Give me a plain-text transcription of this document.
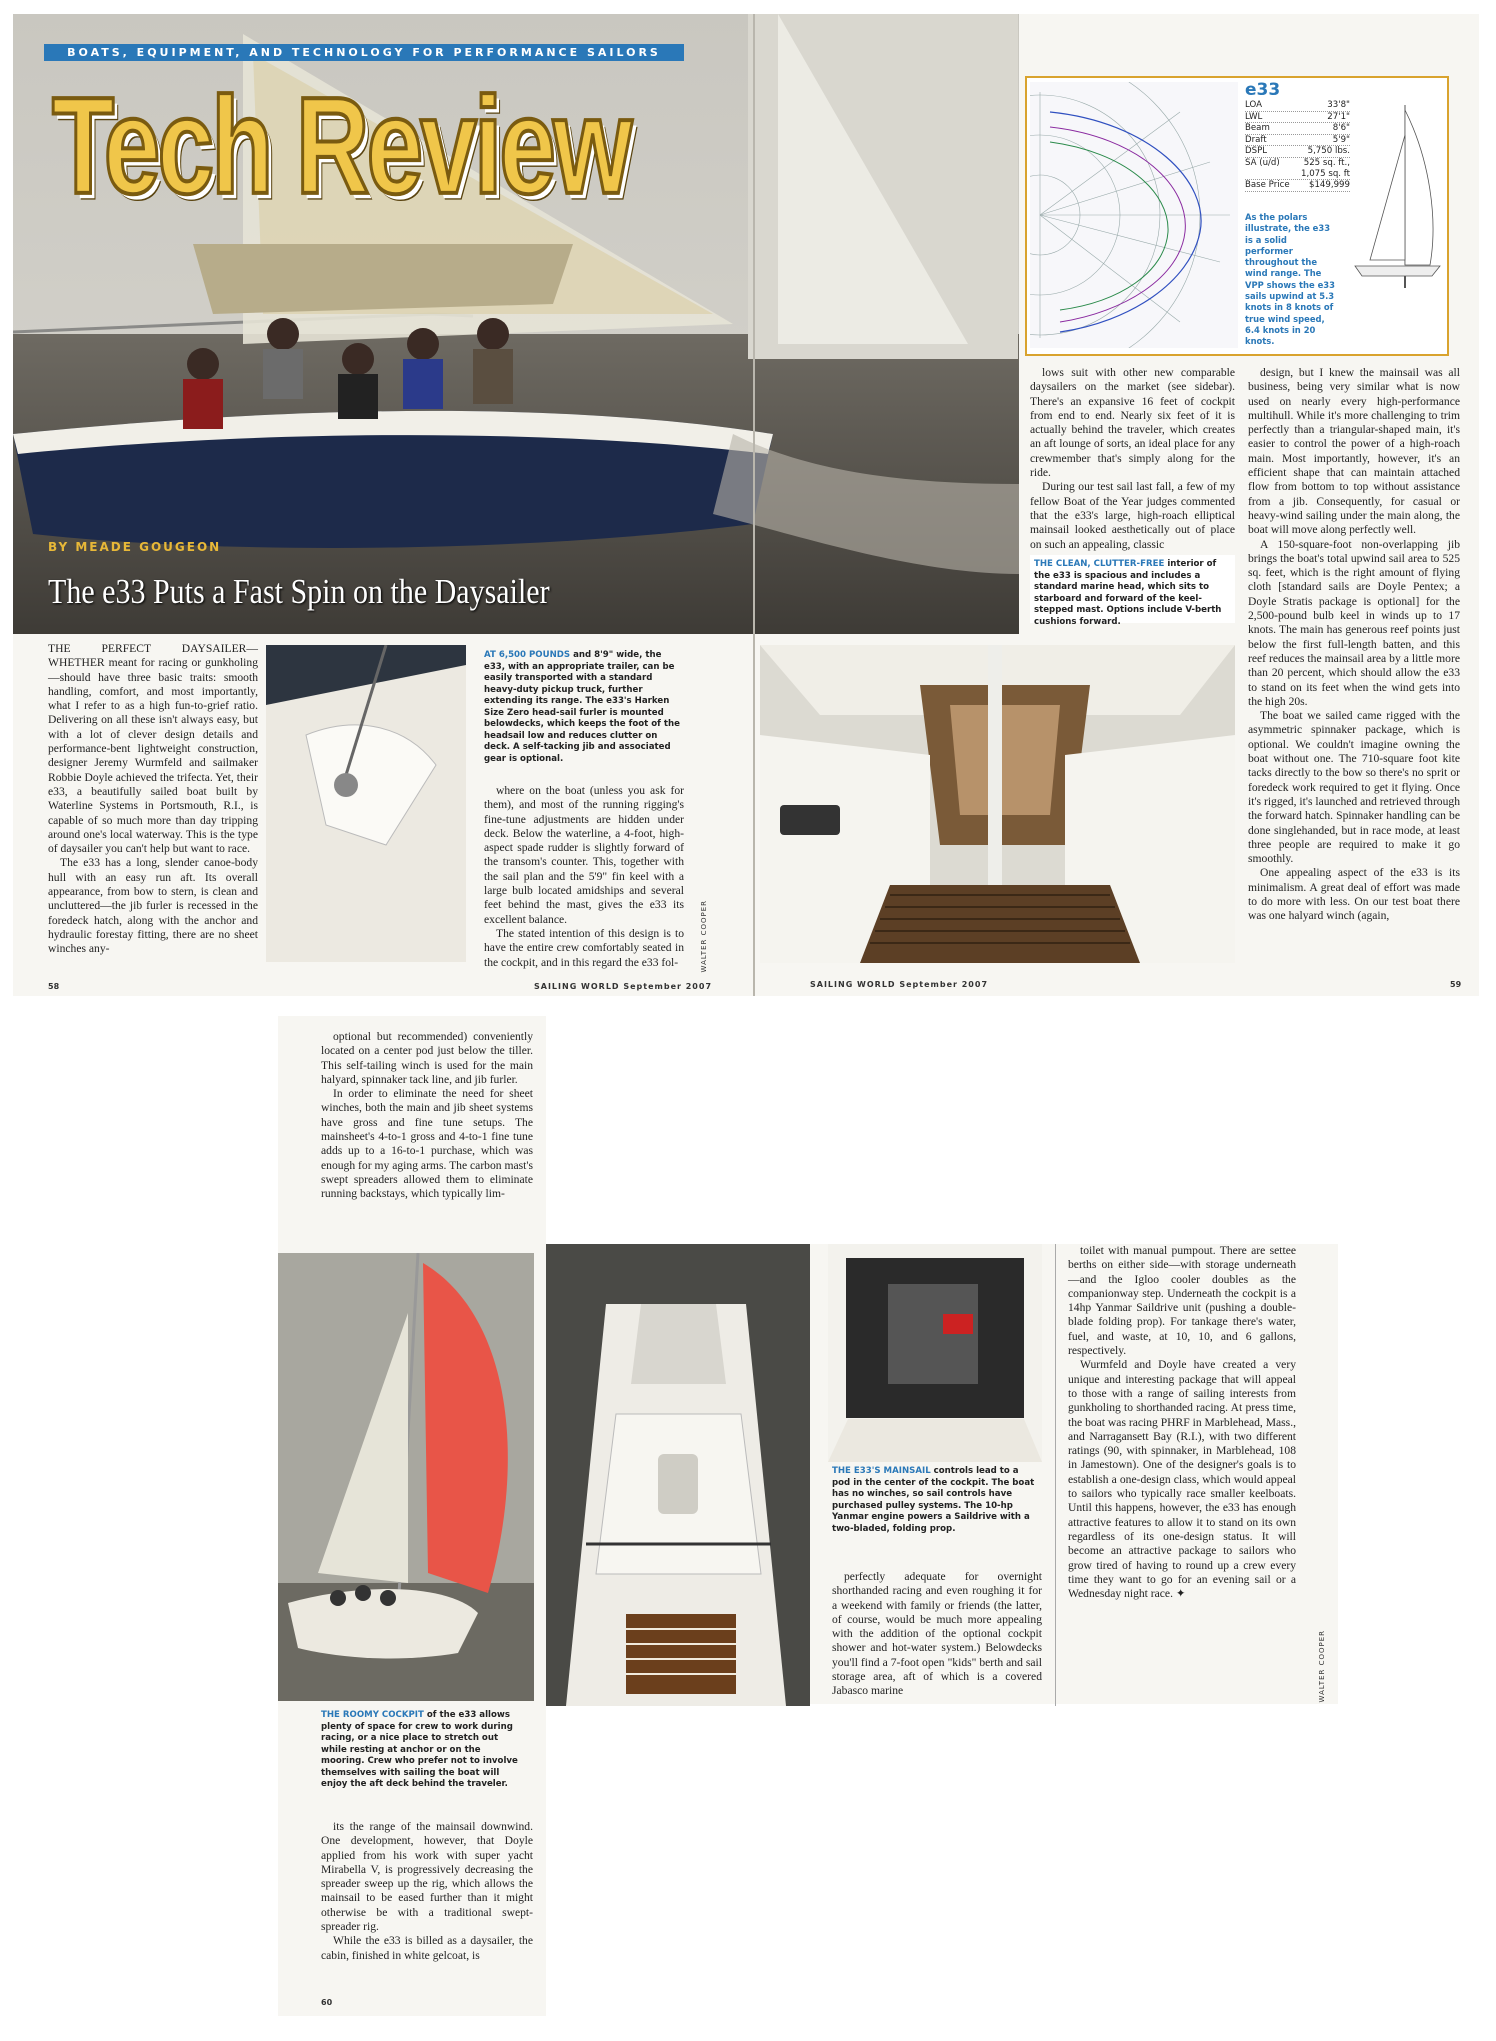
BOATS, EQUIPMENT, AND TECHNOLOGY FOR PERFORMANCE SAILORS
Tech Review
BY MEADE GOUGEON
The e33 Puts a Fast Spin on the Daysailer
e33
LOA	33'8"
LWL	27'1"
Beam	8'6"
Draft	5'9"
DSPL	5,750 lbs.
SA (u/d)	525 sq. ft., 1,075 sq. ft
Base Price $149,999
As the polars illustrate, the e33 is a solid performer throughout the wind range. The VPP shows the e33 sails upwind at 5.3 knots in 8 knots of true wind speed, 6.4 knots in 20 knots.

THE PERFECT DAYSAILER—WHETHER meant for racing or gunkholing—should have three basic traits: smooth handling, comfort, and most importantly, what I refer to as a high fun-to-grief ratio. Delivering on all these isn't always easy, but with a lot of clever design details and performance-bent lightweight construction, designer Jeremy Wurmfeld and sailmaker Robbie Doyle achieved the trifecta. Yet, their e33, a beautifully sailed boat built by Waterline Systems in Portsmouth, R.I., is capable of so much more than day tripping around one's local waterway. This is the type of daysailer you can't help but want to race.

The e33 has a long, slender canoe-body hull with an easy run aft. Its overall appearance, from bow to stern, is clean and uncluttered—the jib furler is recessed in the foredeck hatch, along with the anchor and hydraulic forestay fitting, there are no sheet winches any-

AT 6,500 POUNDS and 8'9" wide, the e33, with an appropriate trailer, can be easily transported with a standard heavy-duty pickup truck, further extending its range. The e33's Harken Size Zero head-sail furler is mounted belowdecks, which keeps the foot of the headsail low and reduces clutter on deck. A self-tacking jib and associated gear is optional.

where on the boat (unless you ask for them), and most of the running rigging's fine-tune adjustments are hidden under deck. Below the waterline, a 4-foot, high-aspect spade rudder is slightly forward of the transom's counter. This, together with the sail plan and the 5'9" fin keel with a large bulb located amidships and several feet behind the mast, gives the e33 its excellent balance.

The stated intention of this design is to have the entire crew comfortably seated in the cockpit, and in this regard the e33 fol-	WALTER COOPER
58	SAILING WORLD September 2007

lows suit with other new comparable daysailers on the market (see sidebar). There's an expansive 16 feet of cockpit from end to end. Nearly six feet of it is actually behind the traveler, which creates an aft lounge of sorts, an ideal place for any crewmember that's simply along for the ride.

During our test sail last fall, a few of my fellow Boat of the Year judges commented that the e33's large, high-roach elliptical mainsail looked aesthetically out of place on such an appealing, classic

THE CLEAN, CLUTTER-FREE interior of the e33 is spacious and includes a standard marine head, which sits to starboard and forward of the keel-stepped mast. Options include V-berth cushions forward.

design, but I knew the mainsail was all business, being very similar what is now used on nearly every high-performance multihull. While it's more challenging to trim perfectly than a triangular-shaped main, it's easier to control the power of a high-roach main. Most importantly, however, it's an efficient shape that can maintain attached flow from bottom to top without assistance from a jib. Consequently, for casual or heavy-wind sailing under the main along, the boat will move along perfectly well.

A 150-square-foot non-overlapping jib brings the boat's total upwind sail area to 525 sq. feet, which is the right amount of flying cloth [standard sails are Doyle Pentex; a Doyle Stratis package is optional] for the 2,500-pound bulb keel in winds up to 17 knots. The main has generous reef points just below the first full-length batten, and this reef reduces the mainsail area by a little more than 20 percent, which should allow the e33 to stand on its feet when the wind gets into the high 20s.

The boat we sailed came rigged with the asymmetric spinnaker package, which is optional. We couldn't imagine owning the boat without one. The 710-square foot kite tacks directly to the bow so there's no sprit or foredeck work required to get it flying. Once it's rigged, it's launched and retrieved through the forward hatch. Spinnaker handling can be done singlehanded, but in race mode, at least three people are required to make it go smoothly.

One appealing aspect of the e33 is its minimalism. A great deal of effort was made to do more with less. On our test boat there was one halyard winch (again,

SAILING WORLD September 2007	59

optional but recommended) conveniently located on a center pod just below the tiller. This self-tailing winch is used for the main halyard, spinnaker tack line, and jib furler.

In order to eliminate the need for sheet winches, both the main and jib sheet systems have gross and fine tune setups. The mainsheet's 4-to-1 gross and 4-to-1 fine tune adds up to a 16-to-1 purchase, which was enough for my aging arms. The carbon mast's swept spreaders allowed them to eliminate running backstays, which typically lim-

THE ROOMY COCKPIT of the e33 allows plenty of space for crew to work during racing, or a nice place to stretch out while resting at anchor or on the mooring. Crew who prefer not to involve themselves with sailing the boat will enjoy the aft deck behind the traveler.

its the range of the mainsail downwind. One development, however, that Doyle applied from his work with super yacht Mirabella V, is progressively decreasing the spreader sweep up the rig, which allows the mainsail to be eased further than it might otherwise be with a traditional swept-spreader rig.

While the e33 is billed as a daysailer, the cabin, finished in white gelcoat, is

60
THE E33'S MAINSAIL controls lead to a pod in the center of the cockpit. The boat has no winches, so sail controls have purchased pulley systems. The 10-hp Yanmar engine powers a Saildrive with a two-bladed, folding prop.

perfectly adequate for overnight shorthanded racing and even roughing it for a weekend with family or friends (the latter, of course, would be much more appealing with the addition of the optional cockpit shower and hot-water system.) Belowdecks you'll find a 7-foot open "kids" berth and sail storage area, aft of which is a covered Jabasco marine

toilet with manual pumpout. There are settee berths on either side—with storage underneath—and the Igloo cooler doubles as the companionway step. Underneath the cockpit is a 14hp Yanmar Saildrive unit (pushing a double-blade folding prop). For tankage there's water, fuel, and waste, at 10, 10, and 6 gallons, respectively.

Wurmfeld and Doyle have created a very unique and interesting package that will appeal to those with a range of sailing interests from gunkholing to shorthanded racing. At press time, the boat was racing PHRF in Marblehead, Mass., and Narragansett Bay (R.I.), with two different ratings (90, with spinnaker, in Marblehead, 108 in Jamestown). One of the designer's goals is to establish a one-design class, which would appeal to sailors who typically race smaller keelboats. Until this happens, however, the e33 has enough attractive features to allow it to stand on its own regardless of its one-design status. It will become an attractive package to sailors who grow tired of having to round up a crew every time they want to go for an evening sail or a Wednesday night race. ✦

WALTER COOPER
